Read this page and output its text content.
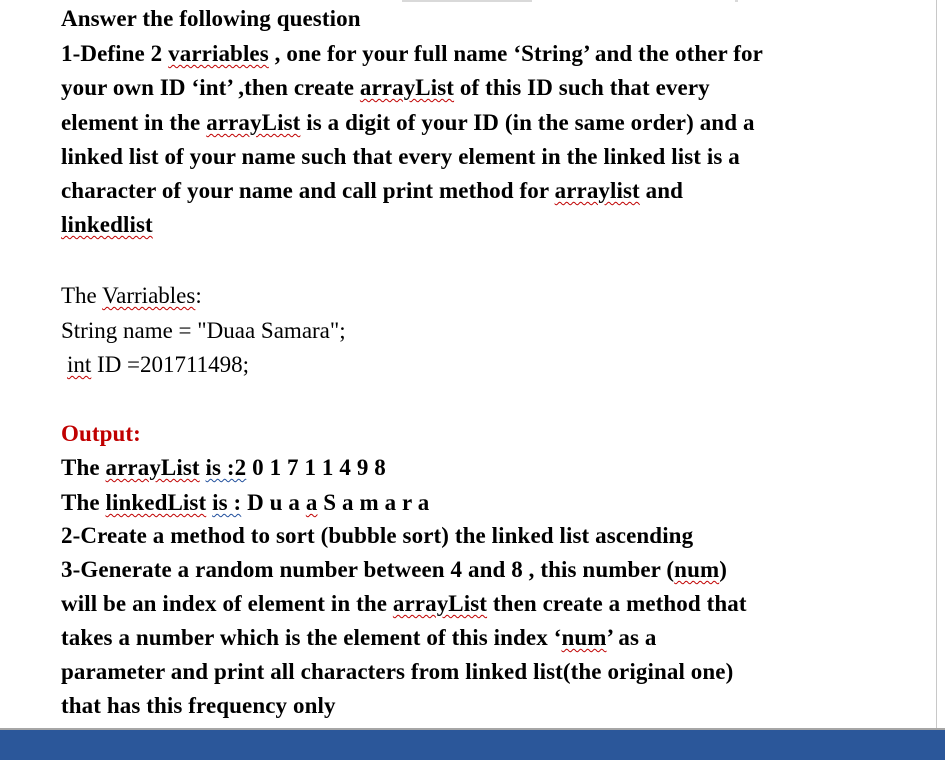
Answer the following question
1-Define 2 varriables , one for your full name ‘String’ and the other for
your own ID ‘int’ ,then create arrayList of this ID such that every
element in the arrayList is a digit of your ID (in the same order) and a
linked list of your name such that every element in the linked list is a
character of your name and call print method for arraylist and
linkedlist
The Varriables:
String name = "Duaa Samara";
int ID =201711498;
Output:
The arrayList is :2 0 1 7 1 1 4 9 8
The linkedList is : D u a a S a m a r a
2-Create a method to sort (bubble sort) the linked list ascending
3-Generate a random number between 4 and 8 , this number (num)
will be an index of element in the arrayList then create a method that
takes a number which is the element of this index ‘num’ as a
parameter and print all characters from linked list(the original one)
that has this frequency only
